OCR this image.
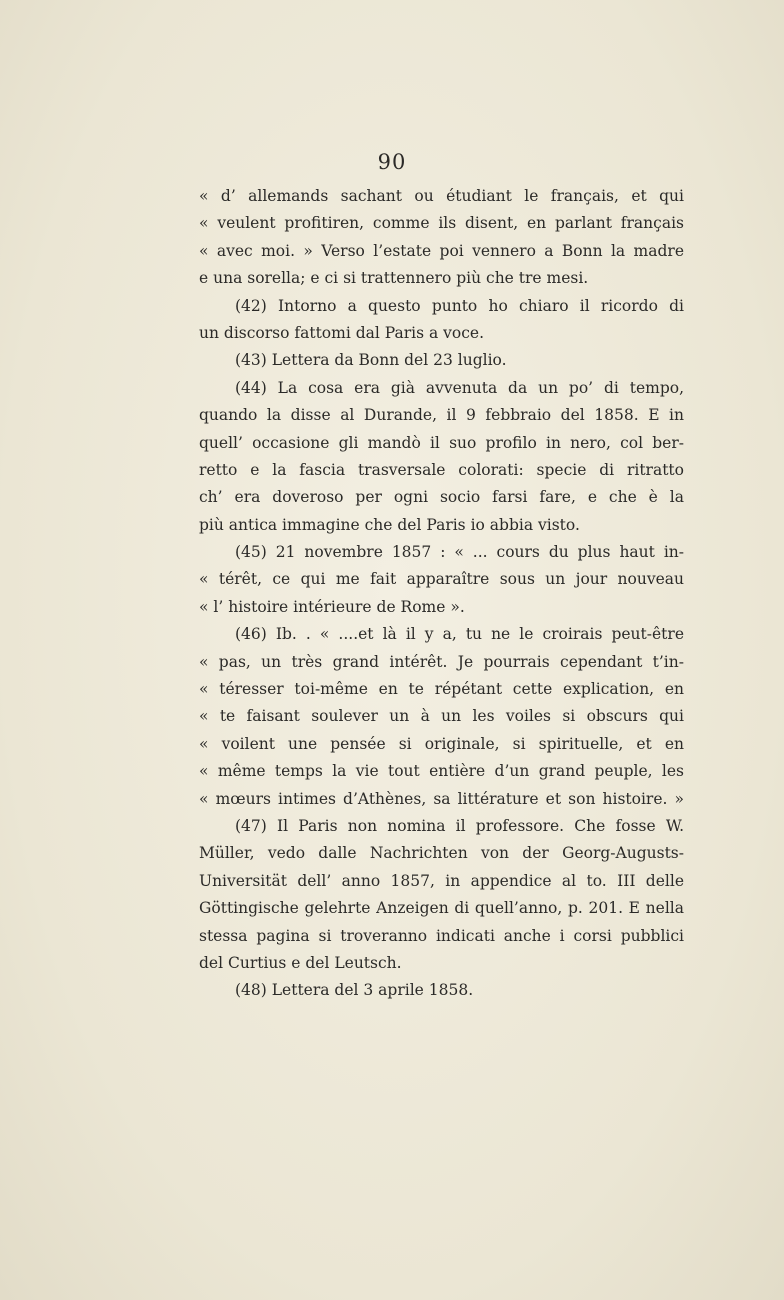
90
« d’ allemands sachant ou étudiant le français, et qui
« veulent profitiren, comme ils disent, en parlant français
« avec moi. » Verso l’estate poi vennero a Bonn la madre
e una sorella; e ci si trattennero più che tre mesi.
(42) Intorno a questo punto ho chiaro il ricordo di
un discorso fattomi dal Paris a voce.
(43) Lettera da Bonn del 23 luglio.
(44) La cosa era già avvenuta da un po’ di tempo,
quando la disse al Durande, il 9 febbraio del 1858. E in
quell’ occasione gli mandò il suo profilo in nero, col ber-
retto e la fascia trasversale colorati: specie di ritratto
ch’ era doveroso per ogni socio farsi fare, e che è la
più antica immagine che del Paris io abbia visto.
(45) 21 novembre 1857 : « ... cours du plus haut in-
« térêt, ce qui me fait apparaître sous un jour nouveau
« l’ histoire intérieure de Rome ».
(46) Ib. . « ....et là il y a, tu ne le croirais peut-être
« pas, un très grand intérêt. Je pourrais cependant t’in-
« téresser toi-même en te répétant cette explication, en
« te faisant soulever un à un les voiles si obscurs qui
« voilent une pensée si originale, si spirituelle, et en
« même temps la vie tout entière d’un grand peuple, les
« mœurs intimes d’Athènes, sa littérature et son histoire. »
(47) Il Paris non nomina il professore. Che fosse W.
Müller, vedo dalle Nachrichten von der Georg-Augusts-
Universität dell’ anno 1857, in appendice al to. III delle
Göttingische gelehrte Anzeigen di quell’anno, p. 201. E nella
stessa pagina si troveranno indicati anche i corsi pubblici
del Curtius e del Leutsch.
(48) Lettera del 3 aprile 1858.
